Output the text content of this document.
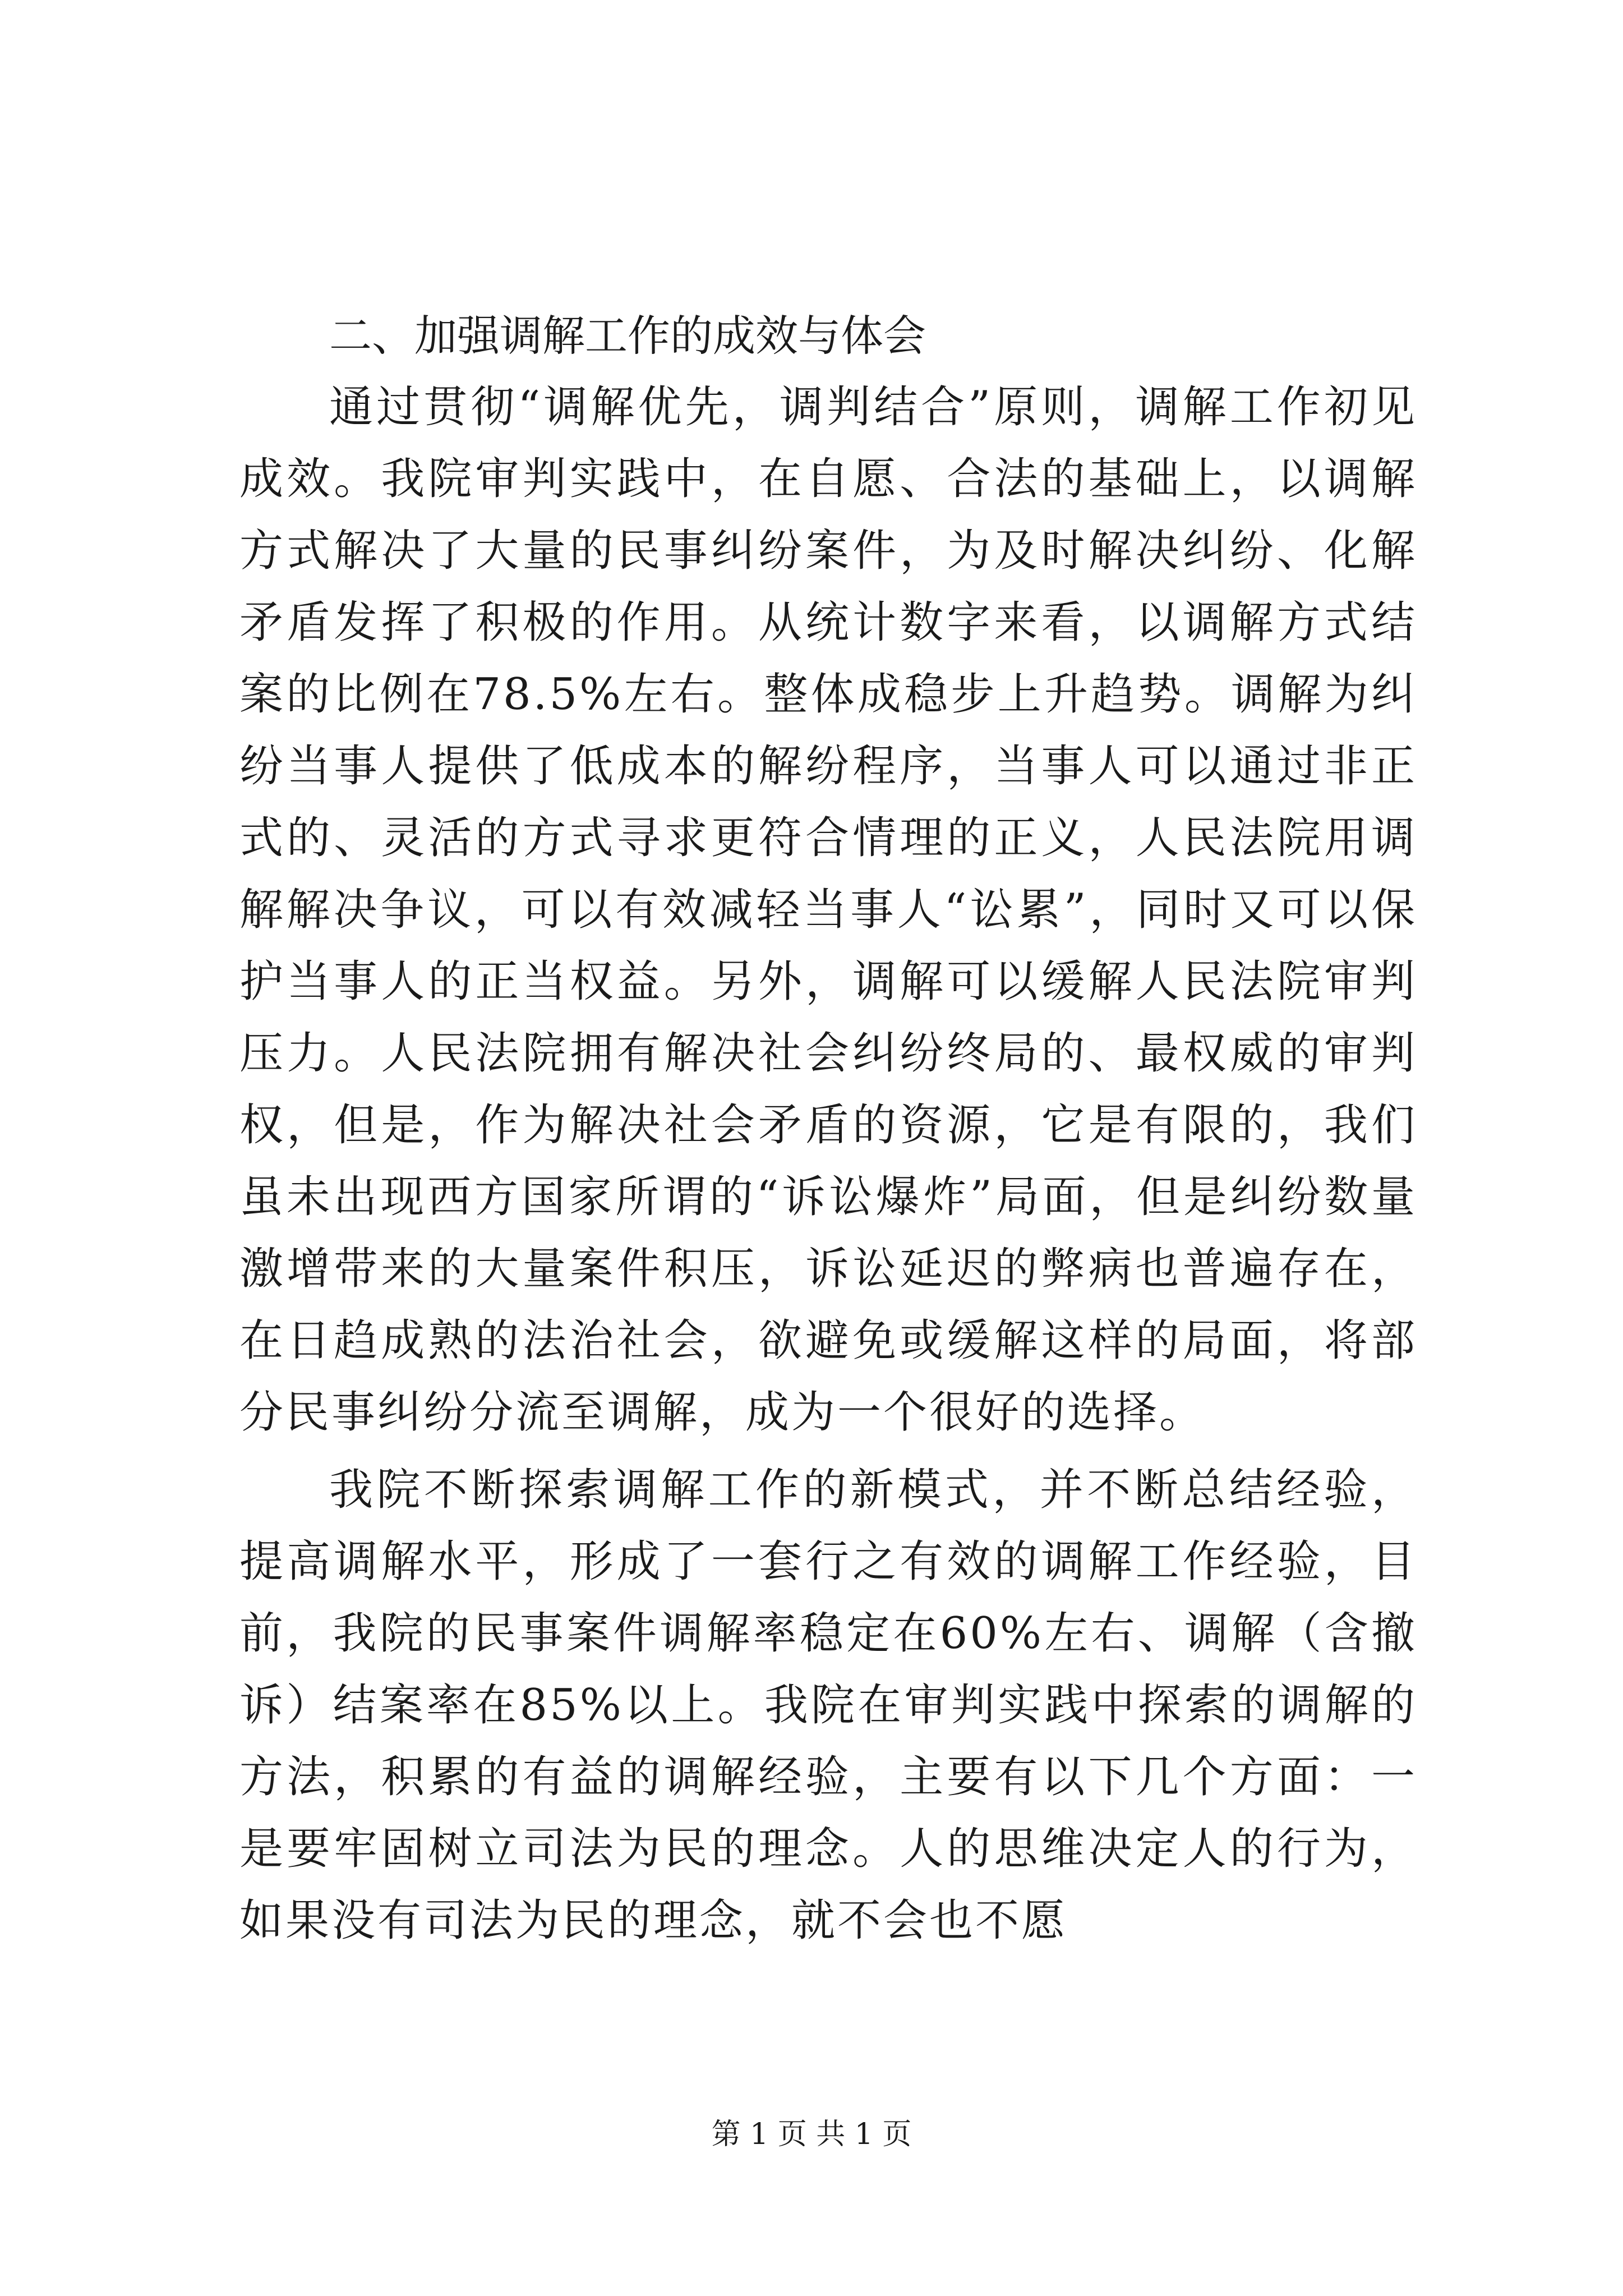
二、加强调解工作的成效与体会

通过贯彻“调解优先，调判结合”原则，调解工作初见成效。我院审判实践中，在自愿、合法的基础上，以调解方式解决了大量的民事纠纷案件，为及时解决纠纷、化解矛盾发挥了积极的作用。从统计数字来看，以调解方式结案的比例在78.5%左右。整体成稳步上升趋势。调解为纠纷当事人提供了低成本的解纷程序，当事人可以通过非正式的、灵活的方式寻求更符合情理的正义，人民法院用调解解决争议，可以有效减轻当事人“讼累”，同时又可以保护当事人的正当权益。另外，调解可以缓解人民法院审判压力。人民法院拥有解决社会纠纷终局的、最权威的审判权，但是，作为解决社会矛盾的资源，它是有限的，我们虽未出现西方国家所谓的“诉讼爆炸”局面，但是纠纷数量激增带来的大量案件积压，诉讼延迟的弊病也普遍存在，在日趋成熟的法治社会，欲避免或缓解这样的局面，将部分民事纠纷分流至调解，成为一个很好的选择。

我院不断探索调解工作的新模式，并不断总结经验，提高调解水平，形成了一套行之有效的调解工作经验，目前，我院的民事案件调解率稳定在60%左右、调解（含撤诉）结案率在85%以上。我院在审判实践中探索的调解的方法，积累的有益的调解经验，主要有以下几个方面：一是要牢固树立司法为民的理念。人的思维决定人的行为，如果没有司法为民的理念，就不会也不愿

第 1 页 共 1 页
